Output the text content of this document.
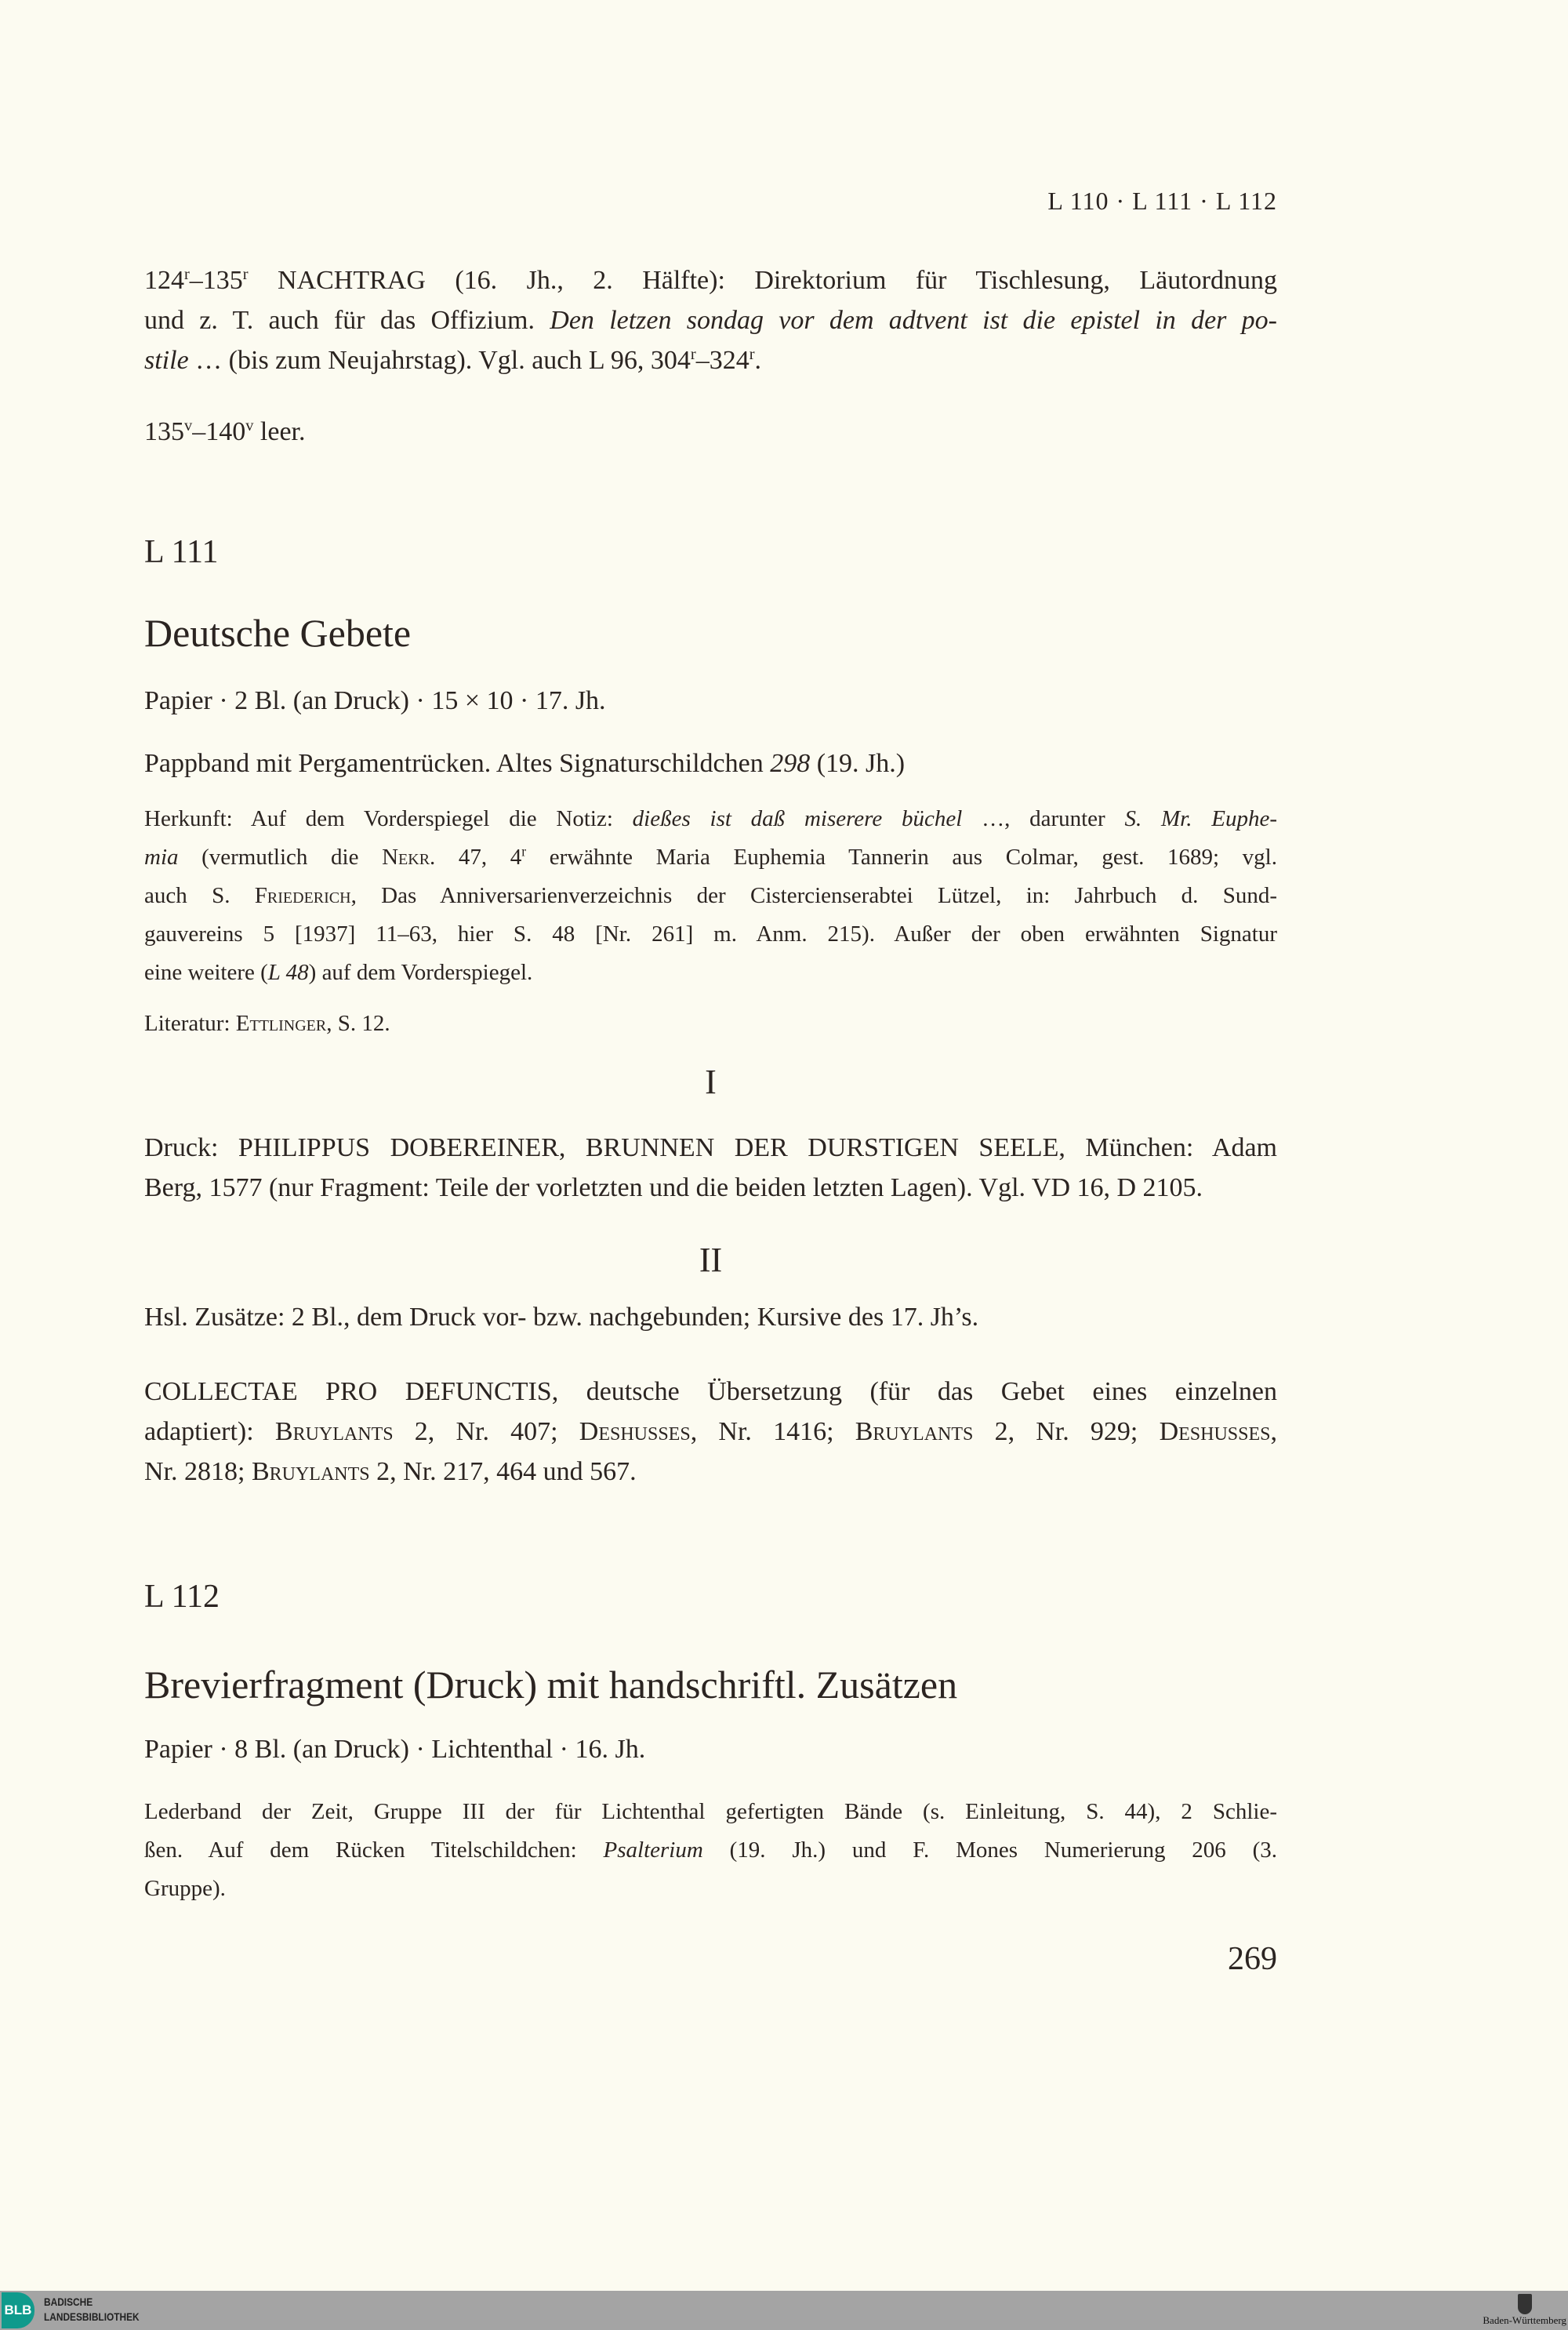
L 110 · L 111 · L 112
124$^r$–135$^r$ NACHTRAG (16. Jh., 2. Hälfte): Direktorium für Tischlesung, Läutordnung
und z. T. auch für das Offizium. Den letzen sondag vor dem adtvent ist die epistel in der po-
stile … (bis zum Neujahrstag). Vgl. auch L 96, 304$^r$–324$^r$.
135$^v$–140$^v$ leer.
L 111
Deutsche Gebete
Papier · 2 Bl. (an Druck) · 15 × 10 · 17. Jh.
Pappband mit Pergamentrücken. Altes Signaturschildchen 298 (19. Jh.)
Herkunft: Auf dem Vorderspiegel die Notiz: dießes ist daß miserere büchel …, darunter S. Mr. Euphe-
mia (vermutlich die Nekr. 47, 4$^r$ erwähnte Maria Euphemia Tannerin aus Colmar, gest. 1689; vgl.
auch S. Friederich, Das Anniversarienverzeichnis der Cistercienserabtei Lützel, in: Jahrbuch d. Sund-
gauvereins 5 [1937] 11–63, hier S. 48 [Nr. 261] m. Anm. 215). Außer der oben erwähnten Signatur
eine weitere (L 48) auf dem Vorderspiegel.
Literatur: Ettlinger, S. 12.
I
Druck: PHILIPPUS DOBEREINER, BRUNNEN DER DURSTIGEN SEELE, München: Adam
Berg, 1577 (nur Fragment: Teile der vorletzten und die beiden letzten Lagen). Vgl. VD 16, D 2105.
II
Hsl. Zusätze: 2 Bl., dem Druck vor- bzw. nachgebunden; Kursive des 17. Jh’s.
COLLECTAE PRO DEFUNCTIS, deutsche Übersetzung (für das Gebet eines einzelnen
adaptiert): Bruylants 2, Nr. 407; Deshusses, Nr. 1416; Bruylants 2, Nr. 929; Deshusses,
Nr. 2818; Bruylants 2, Nr. 217, 464 und 567.
L 112
Brevierfragment (Druck) mit handschriftl. Zusätzen
Papier · 8 Bl. (an Druck) · Lichtenthal · 16. Jh.
Lederband der Zeit, Gruppe III der für Lichtenthal gefertigten Bände (s. Einleitung, S. 44), 2 Schlie-
ßen. Auf dem Rücken Titelschildchen: Psalterium (19. Jh.) und F. Mones Numerierung 206 (3.
Gruppe).
269
BLB
BADISCHE
LANDESBIBLIOTHEK	Baden-Württemberg
